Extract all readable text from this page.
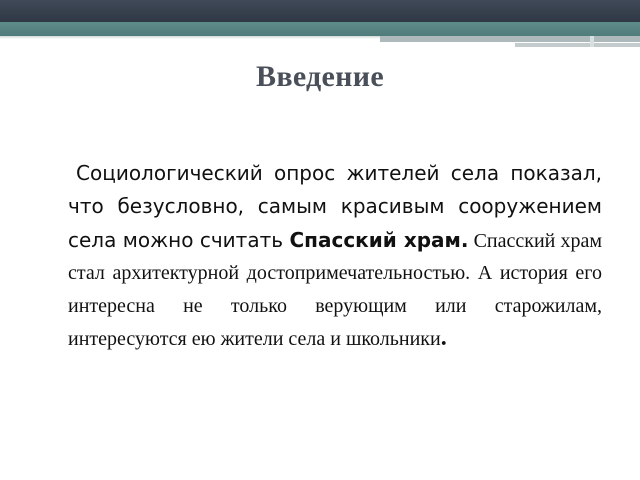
Введение
Социологический опрос жителей села показал, что безусловно, самым красивым сооружением села можно считать Спасский храм. Спасский храм стал архитектурной достопримечательностью. А история его интересна не только верующим или старожилам, интересуются ею жители села и школьники.
